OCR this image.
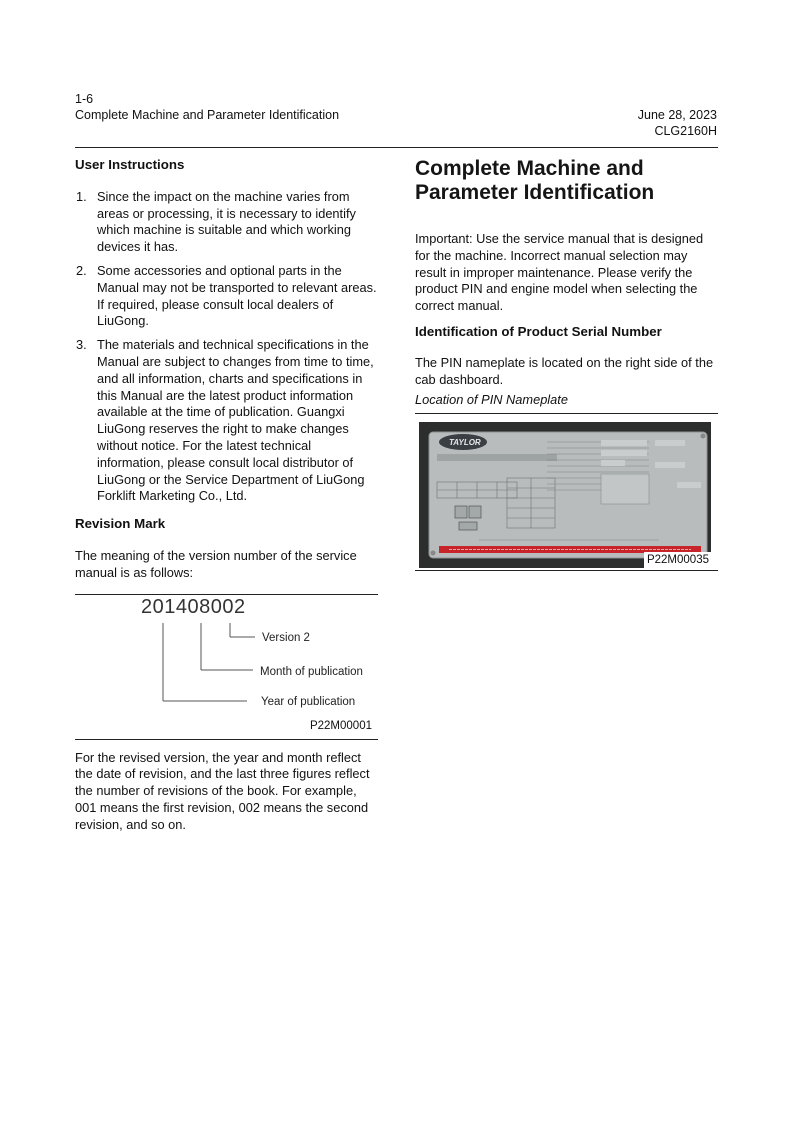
1-6
Complete Machine and Parameter Identification	June 28, 2023
CLG2160H
User Instructions
1. Since the impact on the machine varies from areas or processing, it is necessary to identify which machine is suitable and which working devices it has.
2. Some accessories and optional parts in the Manual may not be transported to relevant areas. If required, please consult local dealers of LiuGong.
3. The materials and technical specifications in the Manual are subject to changes from time to time, and all information, charts and specifications in this Manual are the latest product information available at the time of publication. Guangxi LiuGong reserves the right to make changes without notice. For the latest technical information, please consult local distributor of LiuGong or the Service Department of LiuGong Forklift Marketing Co., Ltd.
Revision Mark

The meaning of the version number of the service manual is as follows:

201408002
Version 2
Month of publication
Year of publication
P22M00001

For the revised version, the year and month reflect the date of revision, and the last three figures reflect the number of revisions of the book. For example, 001 means the first revision, 002 means the second revision, and so on.

Complete Machine and Parameter Identification

Important: Use the service manual that is designed for the machine. Incorrect manual selection may result in improper maintenance. Please verify the product PIN and engine model when selecting the correct manual.

Identification of Product Serial Number

The PIN nameplate is located on the right side of the cab dashboard.

Location of PIN Nameplate

TAYLOR
P22M00035
